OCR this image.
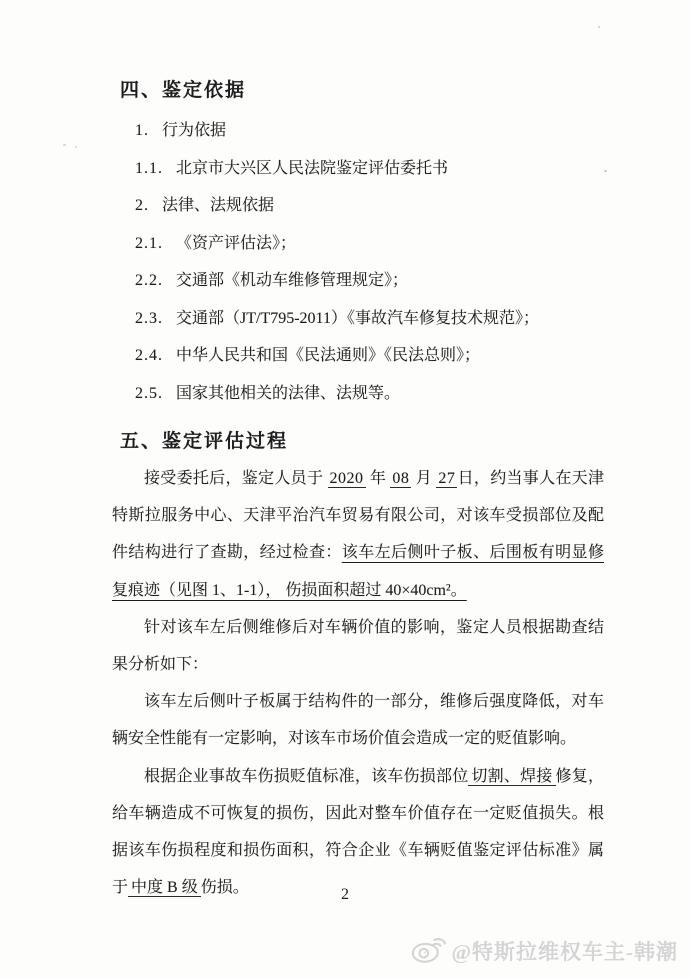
四、鉴定依据
1. 行为依据
1.1. 北京市大兴区人民法院鉴定评估委托书
2. 法律、法规依据
2.1. 《资产评估法》；
2.2. 交通部《机动车维修管理规定》；
2.3. 交通部（JT/T795-2011）《事故汽车修复技术规范》；
2.4. 中华人民共和国《民法通则》《民法总则》；
2.5. 国家其他相关的法律、法规等。
五、鉴定评估过程

接受委托后，鉴定人员于 2020 年 08 月 27 日，约当事人在天津特斯拉服务中心、天津平治汽车贸易有限公司，对该车受损部位及配件结构进行了查勘，经过检查：该车左后侧叶子板、后围板有明显修复痕迹（见图 1、1-1）， 伤损面积超过 40×40cm²。

针对该车左后侧维修后对车辆价值的影响，鉴定人员根据勘查结果分析如下：

该车左后侧叶子板属于结构件的一部分，维修后强度降低，对车辆安全性能有一定影响，对该车市场价值会造成一定的贬值影响。

根据企业事故车伤损贬值标准，该车伤损部位 切割、焊接 修复，给车辆造成不可恢复的损伤，因此对整车价值存在一定贬值损失。根据该车伤损程度和损伤面积，符合企业《车辆贬值鉴定评估标准》属于 中度 B 级 伤损。	2
@特斯拉维权车主-韩潮
